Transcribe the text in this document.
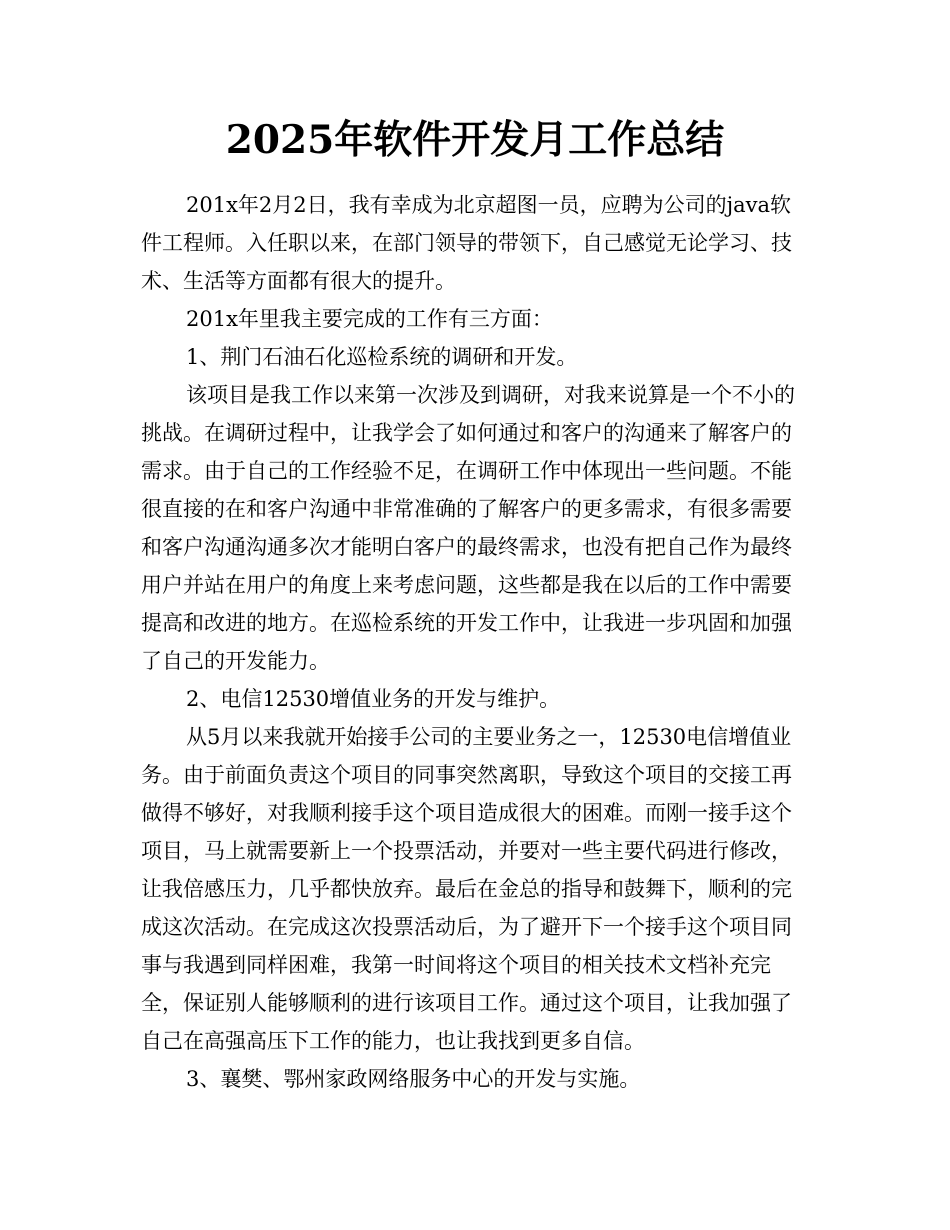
2025年软件开发月工作总结

201x年2月2日，我有幸成为北京超图一员，应聘为公司的java软件工程师。入任职以来，在部门领导的带领下，自己感觉无论学习、技术、生活等方面都有很大的提升。

201x年里我主要完成的工作有三方面：

1、荆门石油石化巡检系统的调研和开发。

该项目是我工作以来第一次涉及到调研，对我来说算是一个不小的挑战。在调研过程中，让我学会了如何通过和客户的沟通来了解客户的需求。由于自己的工作经验不足，在调研工作中体现出一些问题。不能很直接的在和客户沟通中非常准确的了解客户的更多需求，有很多需要和客户沟通沟通多次才能明白客户的最终需求，也没有把自己作为最终用户并站在用户的角度上来考虑问题，这些都是我在以后的工作中需要提高和改进的地方。在巡检系统的开发工作中，让我进一步巩固和加强了自己的开发能力。

2、电信12530增值业务的开发与维护。

从5月以来我就开始接手公司的主要业务之一，12530电信增值业务。由于前面负责这个项目的同事突然离职，导致这个项目的交接工再做得不够好，对我顺利接手这个项目造成很大的困难。而刚一接手这个项目，马上就需要新上一个投票活动，并要对一些主要代码进行修改，让我倍感压力，几乎都快放弃。最后在金总的指导和鼓舞下，顺利的完成这次活动。在完成这次投票活动后，为了避开下一个接手这个项目同事与我遇到同样困难，我第一时间将这个项目的相关技术文档补充完全，保证别人能够顺利的进行该项目工作。通过这个项目，让我加强了自己在高强高压下工作的能力，也让我找到更多自信。

3、襄樊、鄂州家政网络服务中心的开发与实施。
